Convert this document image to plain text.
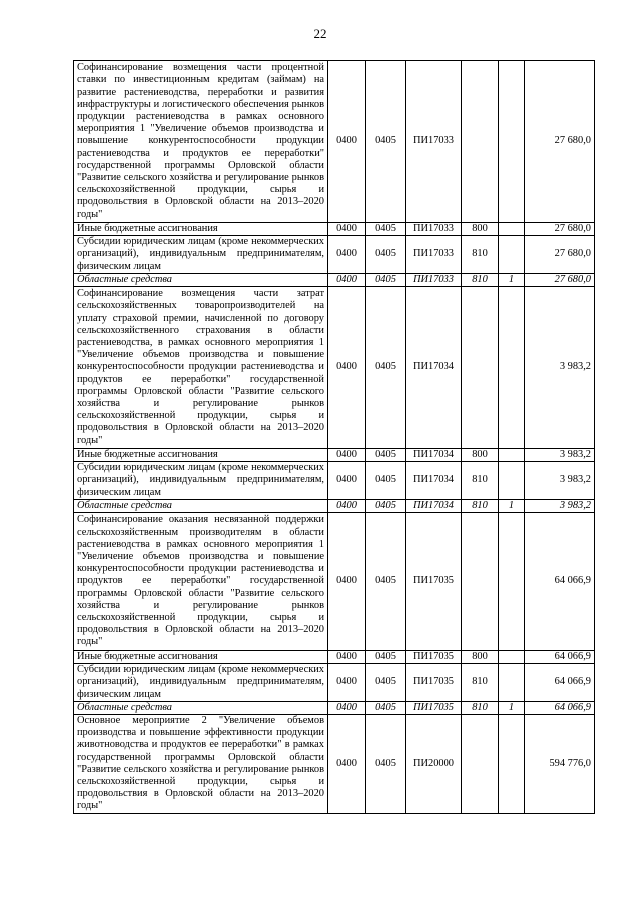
22
Софинансирование возмещения части процентной ставки по инвестиционным кредитам (займам) на развитие растениеводства, переработки и развития инфраструктуры и логистического обеспечения рынков продукции растениеводства в рамках основного мероприятия 1 "Увеличение объемов производства и повышение конкурентоспособности продукции растениеводства и продуктов ее переработки" государственной программы Орловской области "Развитие сельского хозяйства и регулирование рынков сельскохозяйственной продукции, сырья и продовольствия в Орловской области на 2013–2020 годы"	0400	0405	ПИ17033			27 680,0
Иные бюджетные ассигнования	0400	0405	ПИ17033	800		27 680,0
Субсидии юридическим лицам (кроме некоммерческих организаций), индивидуальным предпринимателям, физическим лицам	0400	0405	ПИ17033	810		27 680,0
Областные средства	0400	0405	ПИ17033	810	1	27 680,0
Софинансирование возмещения части затрат сельскохозяйственных товаропроизводителей на уплату страховой премии, начисленной по договору сельскохозяйственного страхования в области растениеводства, в рамках основного мероприятия 1 "Увеличение объемов производства и повышение конкурентоспособности продукции растениеводства и продуктов ее переработки" государственной программы Орловской области "Развитие сельского хозяйства и регулирование рынков сельскохозяйственной продукции, сырья и продовольствия в Орловской области на 2013–2020 годы"	0400	0405	ПИ17034			3 983,2
Иные бюджетные ассигнования	0400	0405	ПИ17034	800		3 983,2
Субсидии юридическим лицам (кроме некоммерческих организаций), индивидуальным предпринимателям, физическим лицам	0400	0405	ПИ17034	810		3 983,2
Областные средства	0400	0405	ПИ17034	810	1	3 983,2
Софинансирование оказания несвязанной поддержки сельскохозяйственным производителям в области растениеводства в рамках основного мероприятия 1 "Увеличение объемов производства и повышение конкурентоспособности продукции растениеводства и продуктов ее переработки" государственной программы Орловской области "Развитие сельского хозяйства и регулирование рынков сельскохозяйственной продукции, сырья и продовольствия в Орловской области на 2013–2020 годы"	0400	0405	ПИ17035			64 066,9
Иные бюджетные ассигнования	0400	0405	ПИ17035	800		64 066,9
Субсидии юридическим лицам (кроме некоммерческих организаций), индивидуальным предпринимателям, физическим лицам	0400	0405	ПИ17035	810		64 066,9
Областные средства	0400	0405	ПИ17035	810	1	64 066,9
Основное мероприятие 2 "Увеличение объемов производства и повышение эффективности продукции животноводства и продуктов ее переработки" в рамках государственной программы Орловской области "Развитие сельского хозяйства и регулирование рынков сельскохозяйственной продукции, сырья и продовольствия в Орловской области на 2013–2020 годы"	0400	0405	ПИ20000			594 776,0
